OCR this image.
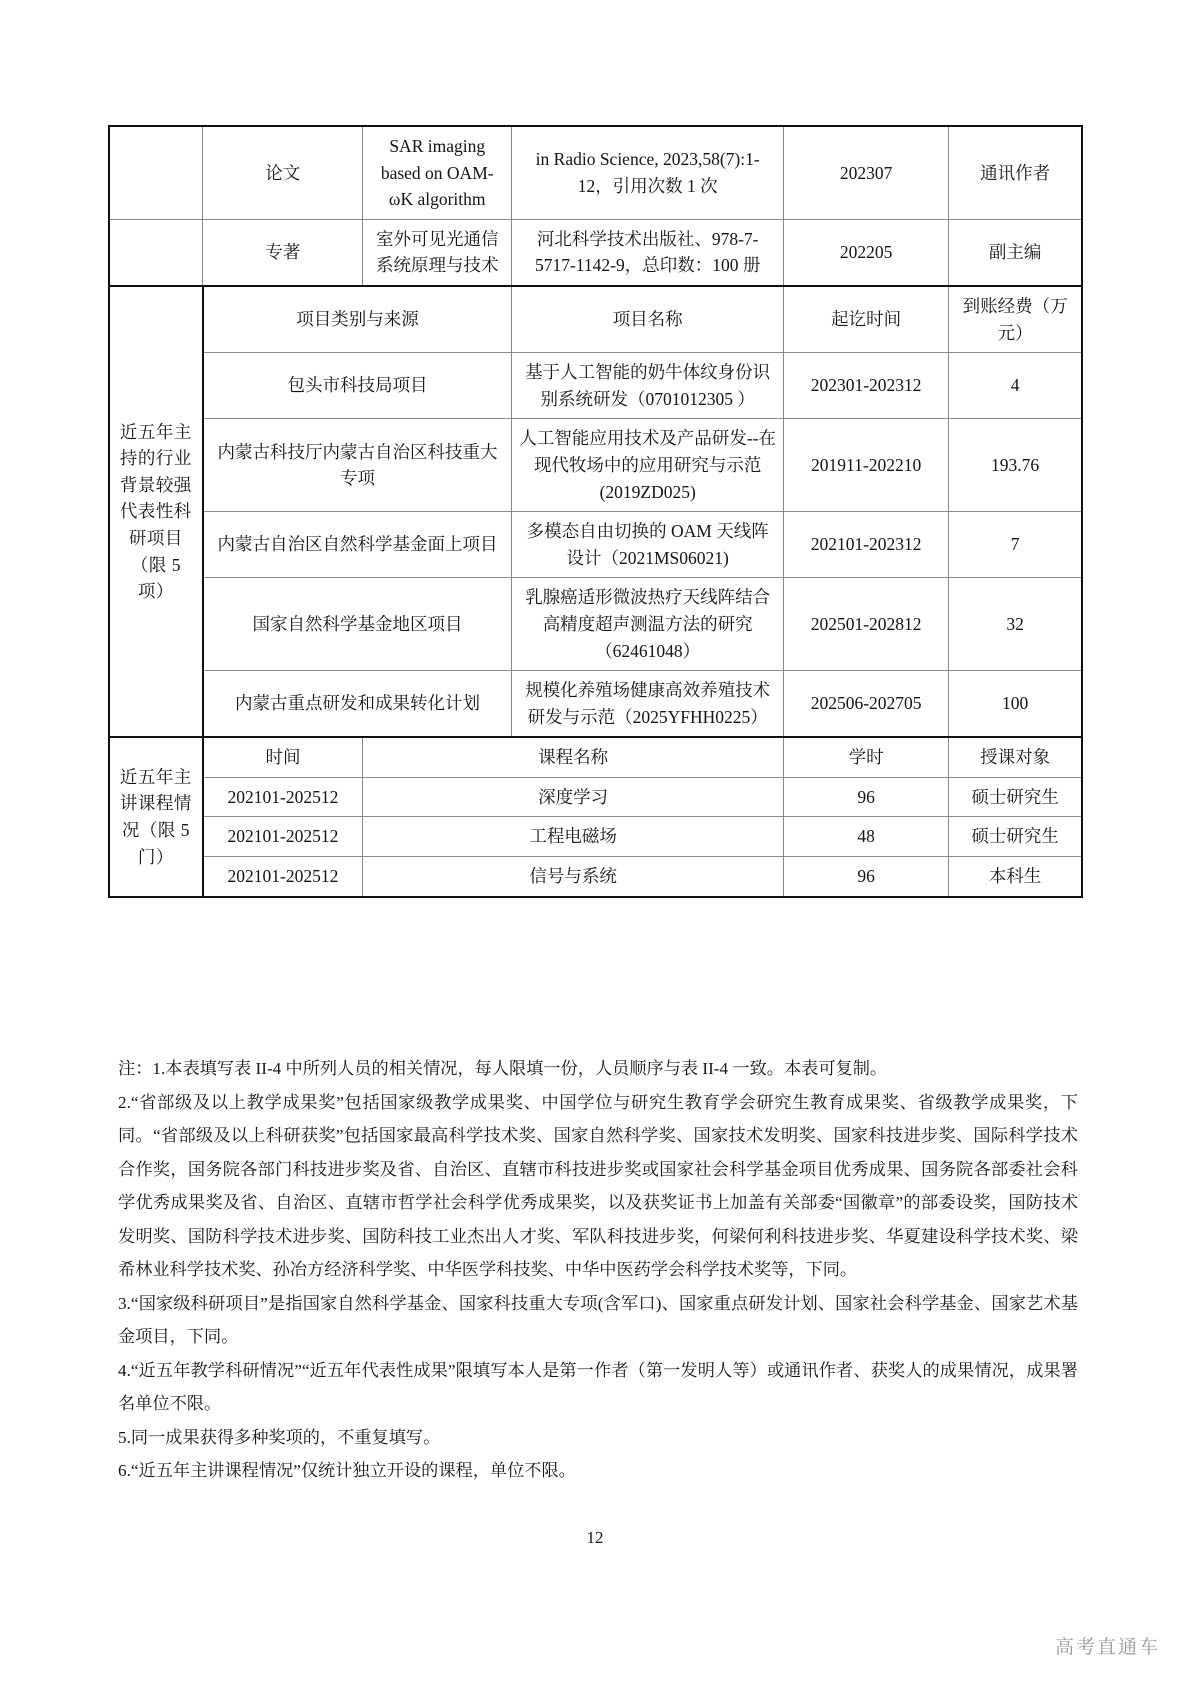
	论文	SAR imaging based on OAM-ωK algorithm	in Radio Science, 2023,58(7):1-12，引用次数 1 次	202307	通讯作者
	专著	室外可见光通信系统原理与技术	河北科学技术出版社、978-7-5717-1142-9，总印数：100 册	202205	副主编
近五年主持的行业背景较强代表性科研项目（限 5 项）	项目类别与来源		项目名称	起讫时间	到账经费（万元）
	包头市科技局项目		基于人工智能的奶牛体纹身份识别系统研发（0701012305 ）	202301-202312	4
	内蒙古科技厅内蒙古自治区科技重大专项		人工智能应用技术及产品研发--在现代牧场中的应用研究与示范(2019ZD025)	201911-202210	193.76
	内蒙古自治区自然科学基金面上项目		多模态自由切换的 OAM 天线阵设计（2021MS06021)	202101-202312	7
	国家自然科学基金地区项目		乳腺癌适形微波热疗天线阵结合高精度超声测温方法的研究（62461048）	202501-202812	32
	内蒙古重点研发和成果转化计划		规模化养殖场健康高效养殖技术研发与示范（2025YFHH0225）	202506-202705	100
近五年主讲课程情况（限 5 门）	时间	课程名称		学时	授课对象
	202101-202512	深度学习		96	硕士研究生
	202101-202512	工程电磁场		48	硕士研究生
	202101-202512	信号与系统		96	本科生

注：1.本表填写表 II-4 中所列人员的相关情况，每人限填一份，人员顺序与表 II-4 一致。本表可复制。

2.“省部级及以上教学成果奖”包括国家级教学成果奖、中国学位与研究生教育学会研究生教育成果奖、省级教学成果奖，下同。“省部级及以上科研获奖”包括国家最高科学技术奖、国家自然科学奖、国家技术发明奖、国家科技进步奖、国际科学技术合作奖，国务院各部门科技进步奖及省、自治区、直辖市科技进步奖或国家社会科学基金项目优秀成果、国务院各部委社会科学优秀成果奖及省、自治区、直辖市哲学社会科学优秀成果奖，以及获奖证书上加盖有关部委“国徽章”的部委设奖，国防技术发明奖、国防科学技术进步奖、国防科技工业杰出人才奖、军队科技进步奖，何梁何利科技进步奖、华夏建设科学技术奖、梁希林业科学技术奖、孙冶方经济科学奖、中华医学科技奖、中华中医药学会科学技术奖等，下同。

3.“国家级科研项目”是指国家自然科学基金、国家科技重大专项(含军口)、国家重点研发计划、国家社会科学基金、国家艺术基金项目，下同。

4.“近五年教学科研情况”“近五年代表性成果”限填写本人是第一作者（第一发明人等）或通讯作者、获奖人的成果情况，成果署名单位不限。

5.同一成果获得多种奖项的，不重复填写。

6.“近五年主讲课程情况”仅统计独立开设的课程，单位不限。

12
高考直通车
